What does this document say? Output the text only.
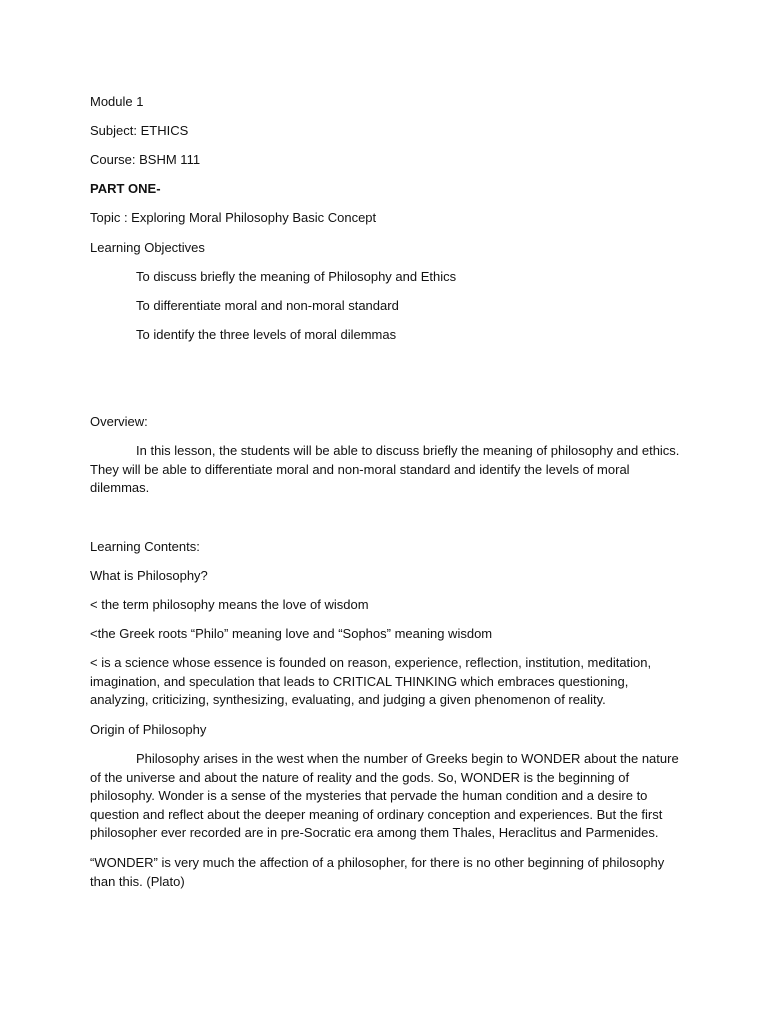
Module 1
Subject: ETHICS
Course: BSHM 111
PART ONE-
Topic : Exploring Moral Philosophy Basic Concept
Learning Objectives
To discuss briefly the meaning of Philosophy and Ethics
To differentiate moral and non-moral standard
To identify the three levels of moral dilemmas
Overview:

In this lesson, the students will be able to discuss briefly the meaning of philosophy and ethics. They will be able to differentiate moral and non-moral standard and identify the levels of moral dilemmas.

Learning Contents:
What is Philosophy?
< the term philosophy means the love of wisdom
<the Greek roots “Philo” meaning love and “Sophos” meaning wisdom

< is a science whose essence is founded on reason, experience, reflection, institution, meditation, imagination, and speculation that leads to CRITICAL THINKING which embraces questioning, analyzing, criticizing, synthesizing, evaluating, and judging a given phenomenon of reality.

Origin of Philosophy

Philosophy arises in the west when the number of Greeks begin to WONDER about the nature of the universe and about the nature of reality and the gods. So, WONDER is the beginning of philosophy. Wonder is a sense of the mysteries that pervade the human condition and a desire to question and reflect about the deeper meaning of ordinary conception and experiences. But the first philosopher ever recorded are in pre-Socratic era among them Thales, Heraclitus and Parmenides.

“WONDER” is very much the affection of a philosopher, for there is no other beginning of philosophy than this. (Plato)
